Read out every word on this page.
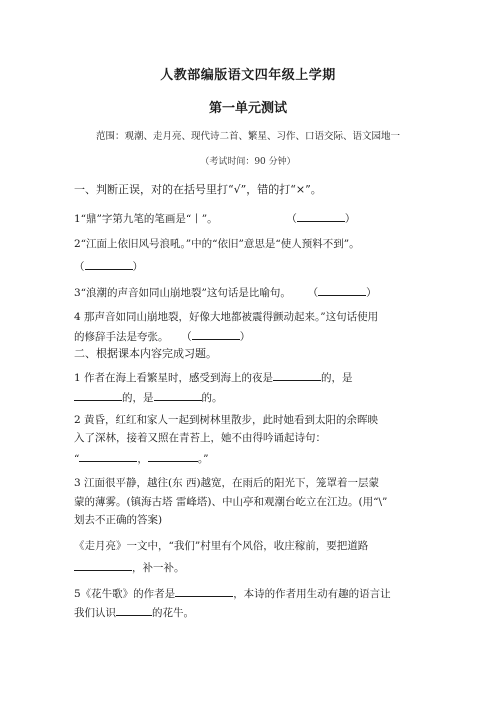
人教部编版语文四年级上学期
第一单元测试
范围：观潮、走月亮、现代诗二首、繁星、习作、口语交际、语文园地一
（考试时间：90 分钟）
一、判断正误，对的在括号里打“√”，错的打“×”。
1“鼎”字第九笔的笔画是“丨”。	（	）
2“江面上依旧风号浪吼。”中的“依旧”意思是“使人预料不到”。
（	）
3“浪潮的声音如同山崩地裂”这句话是比喻句。 （	）
4 那声音如同山崩地裂，好像大地都被震得颤动起来。”这句话使用
的修辞手法是夸张。 （	）
二、根据课本内容完成习题。
1 作者在海上看繁星时，感受到海上的夜是	的，是
的，是	的。
2 黄昏，红红和家人一起到树林里散步，此时她看到太阳的余晖映
入了深林，接着又照在青苔上，她不由得吟诵起诗句：
“	，	。”
3 江面很平静，越往(东 西)越宽，在雨后的阳光下，笼罩着一层蒙
蒙的薄雾。(镇海古塔 雷峰塔)、中山亭和观潮台屹立在江边。(用“\”
划去不正确的答案)
《走月亮》一文中，“我们”村里有个风俗，收庄稼前，要把道路
，补一补。
5《花牛歌》的作者是	，本诗的作者用生动有趣的语言让
我们认识	的花牛。
